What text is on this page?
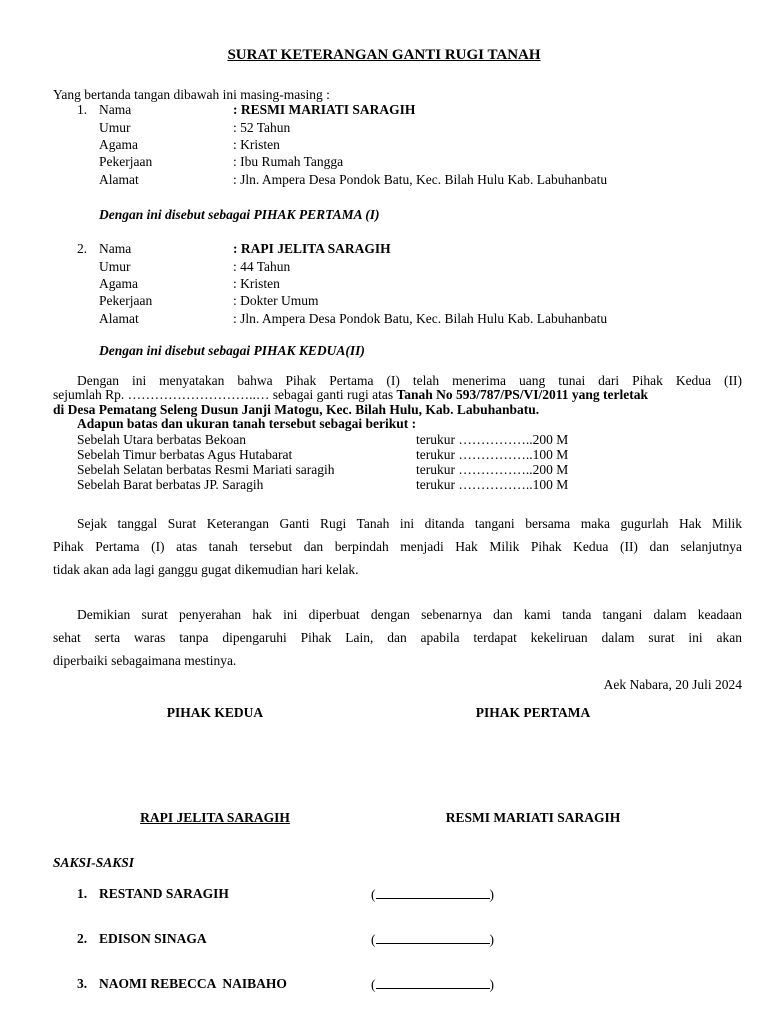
SURAT KETERANGAN GANTI RUGI TANAH
Yang bertanda tangan dibawah ini masing-masing :
1. Nama	: RESMI MARIATI SARAGIH
Umur	: 52 Tahun
Agama	: Kristen
Pekerjaan	: Ibu Rumah Tangga
Alamat	: Jln. Ampera Desa Pondok Batu, Kec. Bilah Hulu Kab. Labuhanbatu
Dengan ini disebut sebagai PIHAK PERTAMA (I)
2. Nama	: RAPI JELITA SARAGIH
Umur	: 44 Tahun
Agama	: Kristen
Pekerjaan	: Dokter Umum
Alamat	: Jln. Ampera Desa Pondok Batu, Kec. Bilah Hulu Kab. Labuhanbatu
Dengan ini disebut sebagai PIHAK KEDUA(II)
Dengan ini menyatakan bahwa Pihak Pertama (I) telah menerima uang tunai dari Pihak Kedua (II)
sejumlah Rp. ………………………..… sebagai ganti rugi atas Tanah No 593/787/PS/VI/2011 yang terletak
di Desa Pematang Seleng Dusun Janji Matogu, Kec. Bilah Hulu, Kab. Labuhanbatu.
Adapun batas dan ukuran tanah tersebut sebagai berikut :
Sebelah Utara berbatas Bekoan	terukur ……………..200 M
Sebelah Timur berbatas Agus Hutabarat	terukur ……………..100 M
Sebelah Selatan berbatas Resmi Mariati saragih	terukur ……………..200 M
Sebelah Barat berbatas JP. Saragih	terukur ……………..100 M
Sejak tanggal Surat Keterangan Ganti Rugi Tanah ini ditanda tangani bersama maka gugurlah Hak Milik
Pihak Pertama (I) atas tanah tersebut dan berpindah menjadi Hak Milik Pihak Kedua (II) dan selanjutnya
tidak akan ada lagi ganggu gugat dikemudian hari kelak.
Demikian surat penyerahan hak ini diperbuat dengan sebenarnya dan kami tanda tangani dalam keadaan
sehat serta waras tanpa dipengaruhi Pihak Lain, dan apabila terdapat kekeliruan dalam surat ini akan
diperbaiki sebagaimana mestinya.
Aek Nabara, 20 Juli 2024
PIHAK KEDUA	PIHAK PERTAMA
RAPI JELITA SARAGIH	RESMI MARIATI SARAGIH
SAKSI-SAKSI
1. RESTAND SARAGIH	(	)
2. EDISON SINAGA	(	)
3. NAOMI REBECCA  NAIBAHO	(	)
